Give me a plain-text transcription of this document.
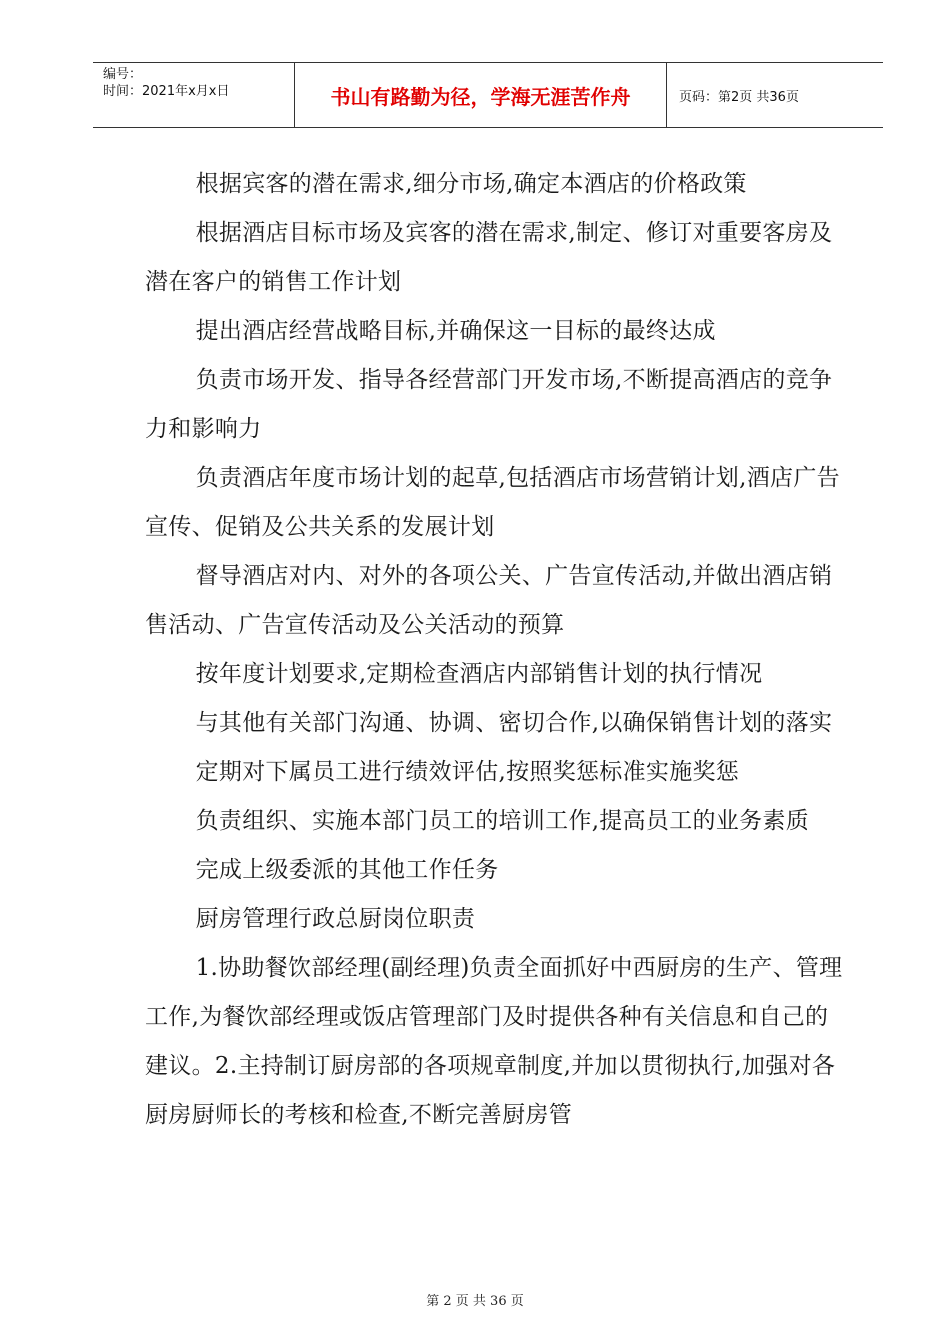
编号：
时间：2021年x月x日	书山有路勤为径，学海无涯苦作舟	页码：第2页 共36页

根据宾客的潜在需求,细分市场,确定本酒店的价格政策

根据酒店目标市场及宾客的潜在需求,制定、修订对重要客房及潜在客户的销售工作计划

提出酒店经营战略目标,并确保这一目标的最终达成

负责市场开发、指导各经营部门开发市场,不断提高酒店的竞争力和影响力

负责酒店年度市场计划的起草,包括酒店市场营销计划,酒店广告宣传、促销及公共关系的发展计划

督导酒店对内、对外的各项公关、广告宣传活动,并做出酒店销售活动、广告宣传活动及公关活动的预算

按年度计划要求,定期检查酒店内部销售计划的执行情况

与其他有关部门沟通、协调、密切合作,以确保销售计划的落实

定期对下属员工进行绩效评估,按照奖惩标准实施奖惩

负责组织、实施本部门员工的培训工作,提高员工的业务素质

完成上级委派的其他工作任务

厨房管理行政总厨岗位职责

1.协助餐饮部经理(副经理)负责全面抓好中西厨房的生产、管理工作,为餐饮部经理或饭店管理部门及时提供各种有关信息和自己的建议。2.主持制订厨房部的各项规章制度,并加以贯彻执行,加强对各厨房厨师长的考核和检查,不断完善厨房管

第 2 页 共 36 页
